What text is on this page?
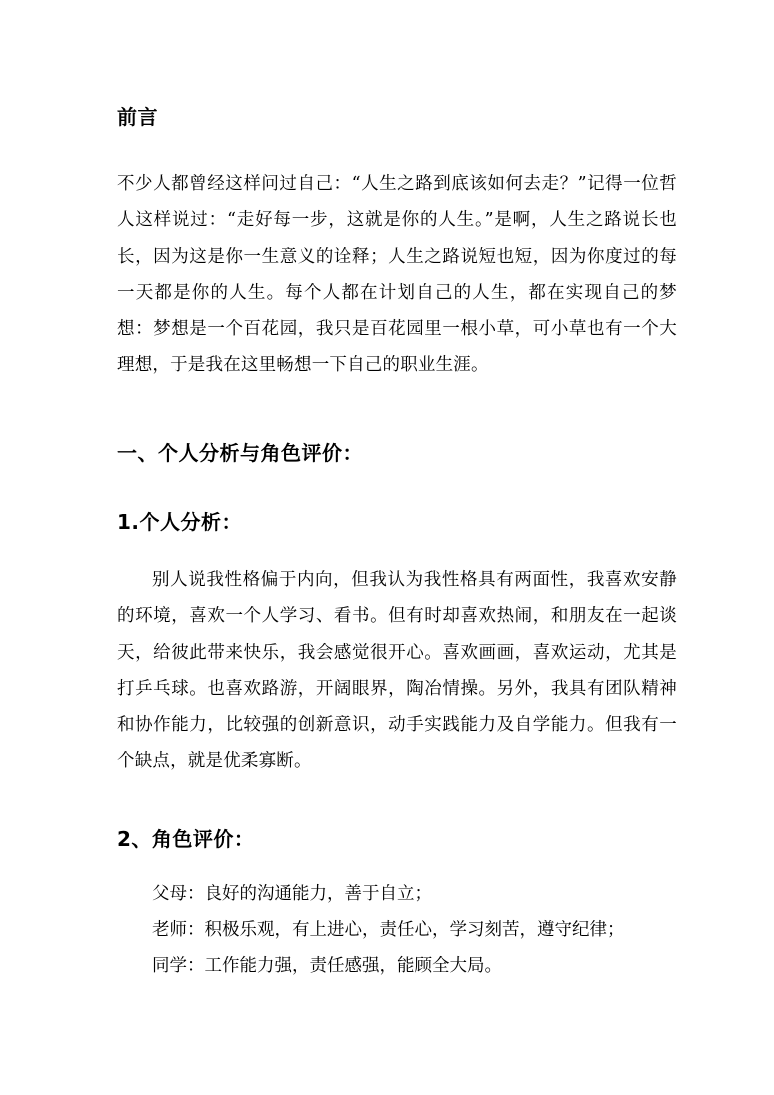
前言

不少人都曾经这样问过自己：“人生之路到底该如何去走？”记得一位哲人这样说过：“走好每一步，这就是你的人生。”是啊，人生之路说长也长，因为这是你一生意义的诠释；人生之路说短也短，因为你度过的每一天都是你的人生。每个人都在计划自己的人生，都在实现自己的梦想：梦想是一个百花园，我只是百花园里一根小草，可小草也有一个大理想，于是我在这里畅想一下自己的职业生涯。

一、个人分析与角色评价：
1.个人分析：

别人说我性格偏于内向，但我认为我性格具有两面性，我喜欢安静的环境，喜欢一个人学习、看书。但有时却喜欢热闹，和朋友在一起谈天，给彼此带来快乐，我会感觉很开心。喜欢画画，喜欢运动，尤其是打乒乓球。也喜欢路游，开阔眼界，陶冶情操。另外，我具有团队精神和协作能力，比较强的创新意识，动手实践能力及自学能力。但我有一个缺点，就是优柔寡断。

2、角色评价：

父母：良好的沟通能力，善于自立；

老师：积极乐观，有上进心，责任心，学习刻苦，遵守纪律；

同学：工作能力强，责任感强，能顾全大局。
